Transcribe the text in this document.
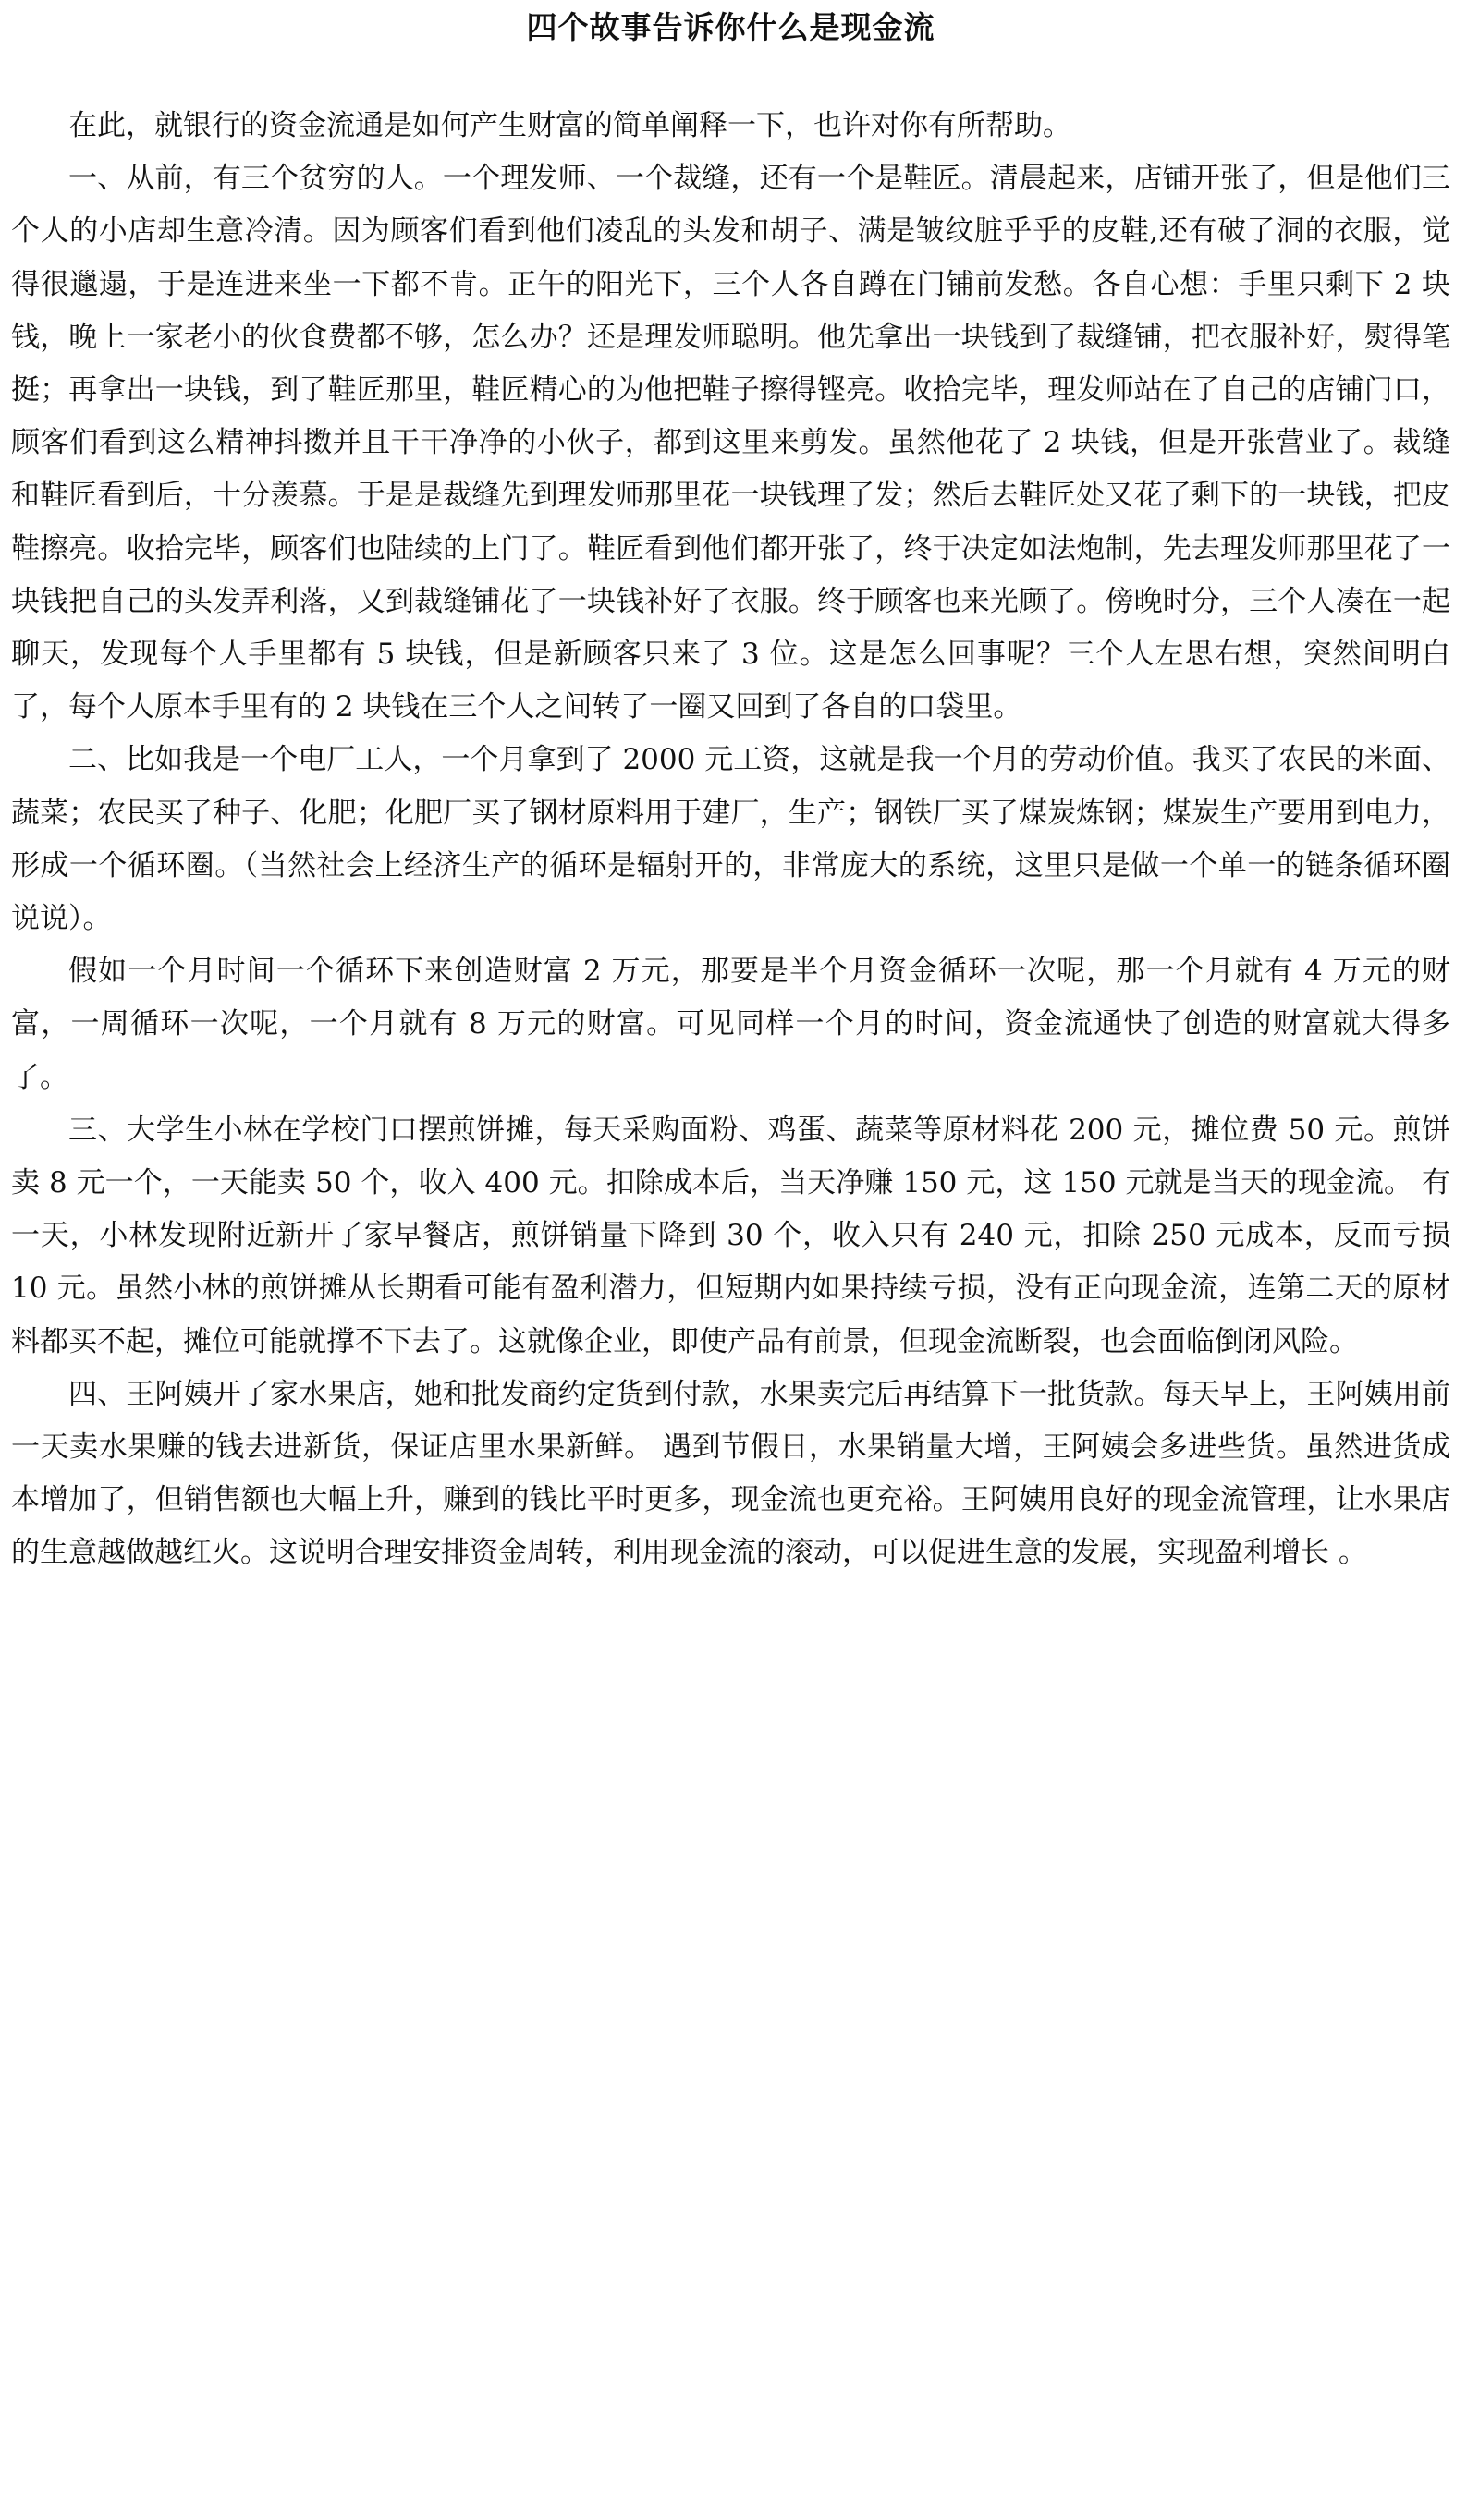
四个故事告诉你什么是现金流

在此，就银行的资金流通是如何产生财富的简单阐释一下，也许对你有所帮助。

一、从前，有三个贫穷的人。一个理发师、一个裁缝，还有一个是鞋匠。清晨起来，店铺开张了，但是他们三个人的小店却生意冷清。因为顾客们看到他们凌乱的头发和胡子、满是皱纹脏乎乎的皮鞋,还有破了洞的衣服，觉得很邋遢，于是连进来坐一下都不肯。正午的阳光下，三个人各自蹲在门铺前发愁。各自心想：手里只剩下 2 块钱，晚上一家老小的伙食费都不够，怎么办？还是理发师聪明。他先拿出一块钱到了裁缝铺，把衣服补好，熨得笔挺；再拿出一块钱，到了鞋匠那里，鞋匠精心的为他把鞋子擦得铿亮。收拾完毕，理发师站在了自己的店铺门口，顾客们看到这么精神抖擞并且干干净净的小伙子，都到这里来剪发。虽然他花了 2 块钱，但是开张营业了。裁缝和鞋匠看到后，十分羡慕。于是是裁缝先到理发师那里花一块钱理了发；然后去鞋匠处又花了剩下的一块钱，把皮鞋擦亮。收拾完毕，顾客们也陆续的上门了。鞋匠看到他们都开张了，终于决定如法炮制，先去理发师那里花了一块钱把自己的头发弄利落，又到裁缝铺花了一块钱补好了衣服。终于顾客也来光顾了。傍晚时分，三个人凑在一起聊天，发现每个人手里都有 5 块钱，但是新顾客只来了 3 位。这是怎么回事呢？三个人左思右想，突然间明白了，每个人原本手里有的 2 块钱在三个人之间转了一圈又回到了各自的口袋里。

二、比如我是一个电厂工人，一个月拿到了 2000 元工资，这就是我一个月的劳动价值。我买了农民的米面、蔬菜；农民买了种子、化肥；化肥厂买了钢材原料用于建厂，生产；钢铁厂买了煤炭炼钢；煤炭生产要用到电力，形成一个循环圈。（当然社会上经济生产的循环是辐射开的，非常庞大的系统，这里只是做一个单一的链条循环圈说说）。

假如一个月时间一个循环下来创造财富 2 万元，那要是半个月资金循环一次呢，那一个月就有 4 万元的财富，一周循环一次呢，一个月就有 8 万元的财富。可见同样一个月的时间，资金流通快了创造的财富就大得多了。

三、大学生小林在学校门口摆煎饼摊，每天采购面粉、鸡蛋、蔬菜等原材料花 200 元，摊位费 50 元。煎饼卖 8 元一个，一天能卖 50 个，收入 400 元。扣除成本后，当天净赚 150 元，这 150 元就是当天的现金流。 有一天，小林发现附近新开了家早餐店，煎饼销量下降到 30 个，收入只有 240 元，扣除 250 元成本，反而亏损 10 元。虽然小林的煎饼摊从长期看可能有盈利潜力，但短期内如果持续亏损，没有正向现金流，连第二天的原材料都买不起，摊位可能就撑不下去了。这就像企业，即使产品有前景，但现金流断裂，也会面临倒闭风险。

四、王阿姨开了家水果店，她和批发商约定货到付款，水果卖完后再结算下一批货款。每天早上，王阿姨用前一天卖水果赚的钱去进新货，保证店里水果新鲜。 遇到节假日，水果销量大增，王阿姨会多进些货。虽然进货成本增加了，但销售额也大幅上升，赚到的钱比平时更多，现金流也更充裕。王阿姨用良好的现金流管理，让水果店的生意越做越红火。这说明合理安排资金周转，利用现金流的滚动，可以促进生意的发展，实现盈利增长 。
